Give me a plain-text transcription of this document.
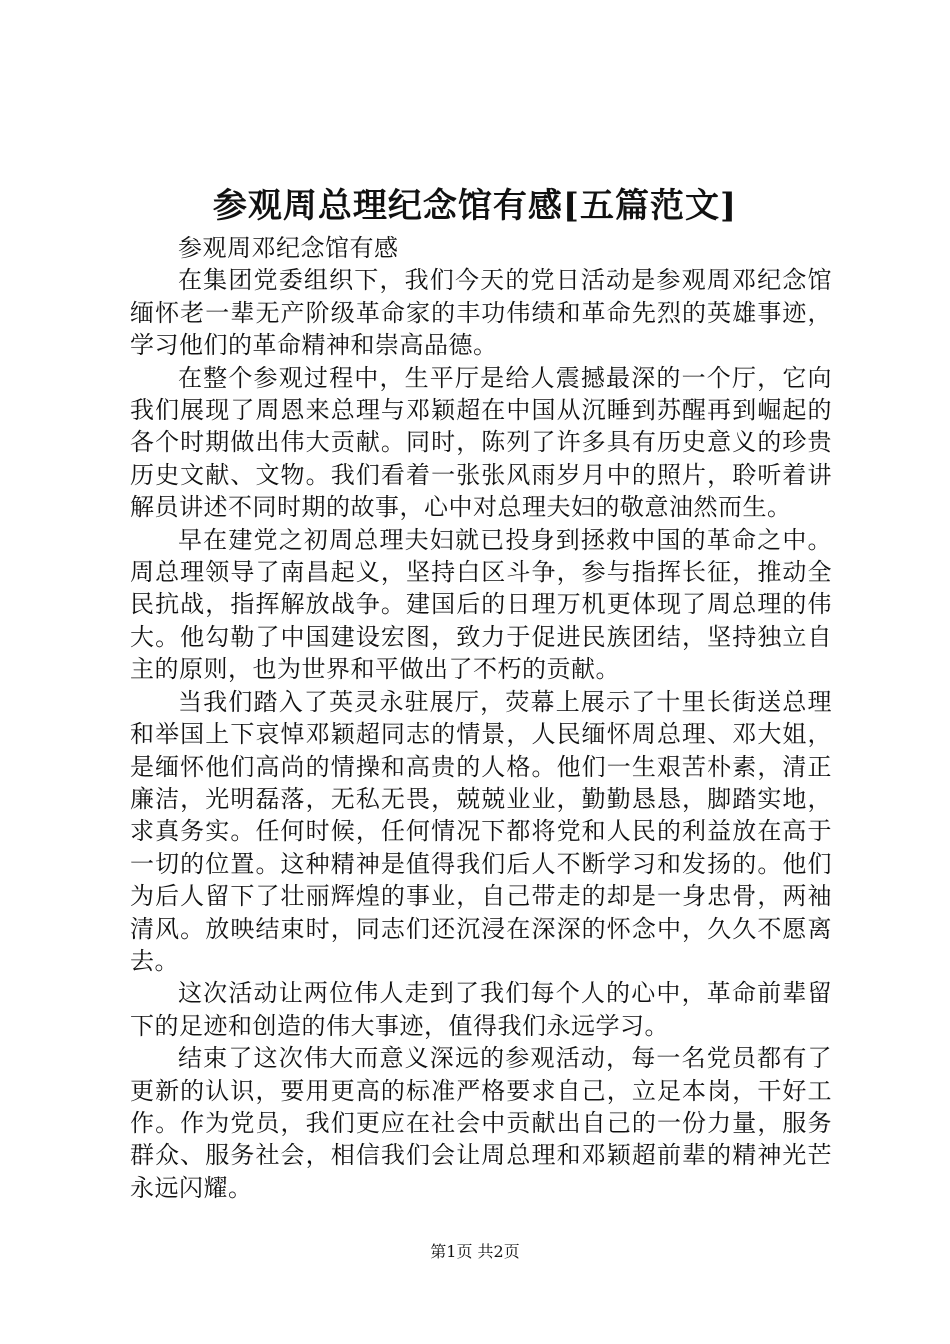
参观周总理纪念馆有感[五篇范文]

参观周邓纪念馆有感

在集团党委组织下，我们今天的党日活动是参观周邓纪念馆缅怀老一辈无产阶级革命家的丰功伟绩和革命先烈的英雄事迹，学习他们的革命精神和崇高品德。

在整个参观过程中，生平厅是给人震撼最深的一个厅，它向我们展现了周恩来总理与邓颖超在中国从沉睡到苏醒再到崛起的各个时期做出伟大贡献。同时，陈列了许多具有历史意义的珍贵历史文献、文物。我们看着一张张风雨岁月中的照片，聆听着讲解员讲述不同时期的故事，心中对总理夫妇的敬意油然而生。

早在建党之初周总理夫妇就已投身到拯救中国的革命之中。周总理领导了南昌起义，坚持白区斗争，参与指挥长征，推动全民抗战，指挥解放战争。建国后的日理万机更体现了周总理的伟大。他勾勒了中国建设宏图，致力于促进民族团结，坚持独立自主的原则，也为世界和平做出了不朽的贡献。

当我们踏入了英灵永驻展厅，荧幕上展示了十里长街送总理和举国上下哀悼邓颖超同志的情景，人民缅怀周总理、邓大姐，是缅怀他们高尚的情操和高贵的人格。他们一生艰苦朴素，清正廉洁，光明磊落，无私无畏，兢兢业业，勤勤恳恳，脚踏实地，求真务实。任何时候，任何情况下都将党和人民的利益放在高于一切的位置。这种精神是值得我们后人不断学习和发扬的。他们为后人留下了壮丽辉煌的事业，自己带走的却是一身忠骨，两袖清风。放映结束时，同志们还沉浸在深深的怀念中，久久不愿离去。

这次活动让两位伟人走到了我们每个人的心中，革命前辈留下的足迹和创造的伟大事迹，值得我们永远学习。

结束了这次伟大而意义深远的参观活动，每一名党员都有了更新的认识，要用更高的标准严格要求自己，立足本岗，干好工作。作为党员，我们更应在社会中贡献出自己的一份力量，服务群众、服务社会，相信我们会让周总理和邓颖超前辈的精神光芒永远闪耀。

第1页 共2页
